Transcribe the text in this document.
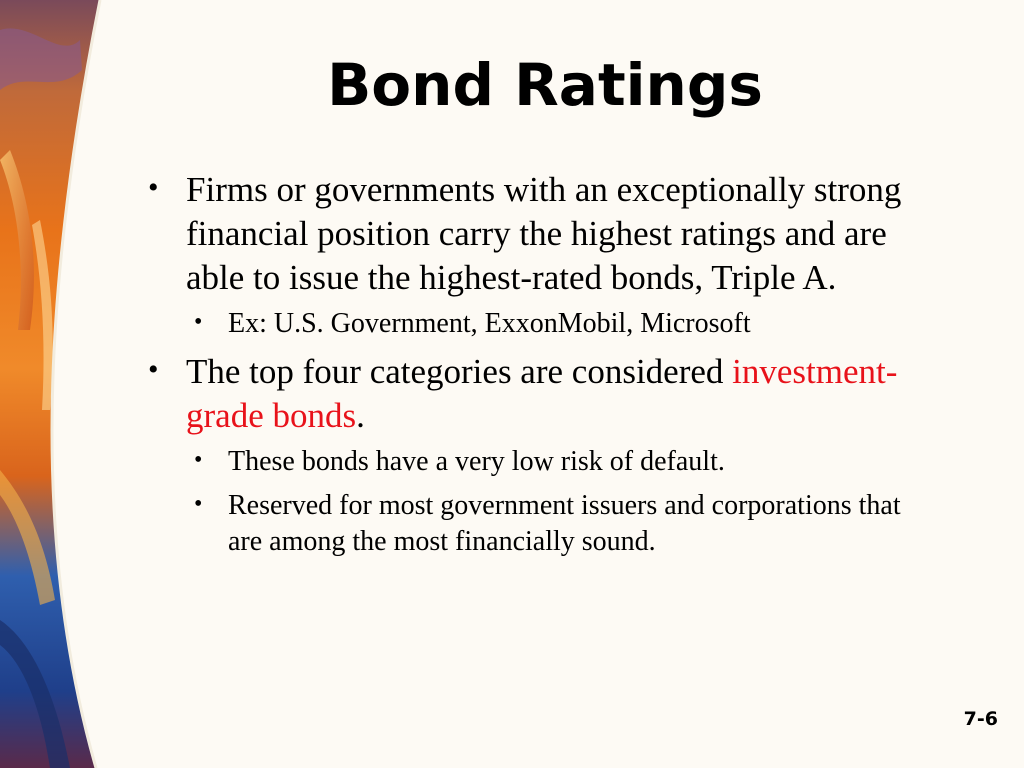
Bond Ratings
• Firms or governments with an exceptionally strong financial position carry the highest ratings and are able to issue the highest-rated bonds, Triple A.
• Ex: U.S. Government, ExxonMobil, Microsoft
• The top four categories are considered investment-grade bonds.
• These bonds have a very low risk of default.
• Reserved for most government issuers and corporations that are among the most financially sound.
7-6
